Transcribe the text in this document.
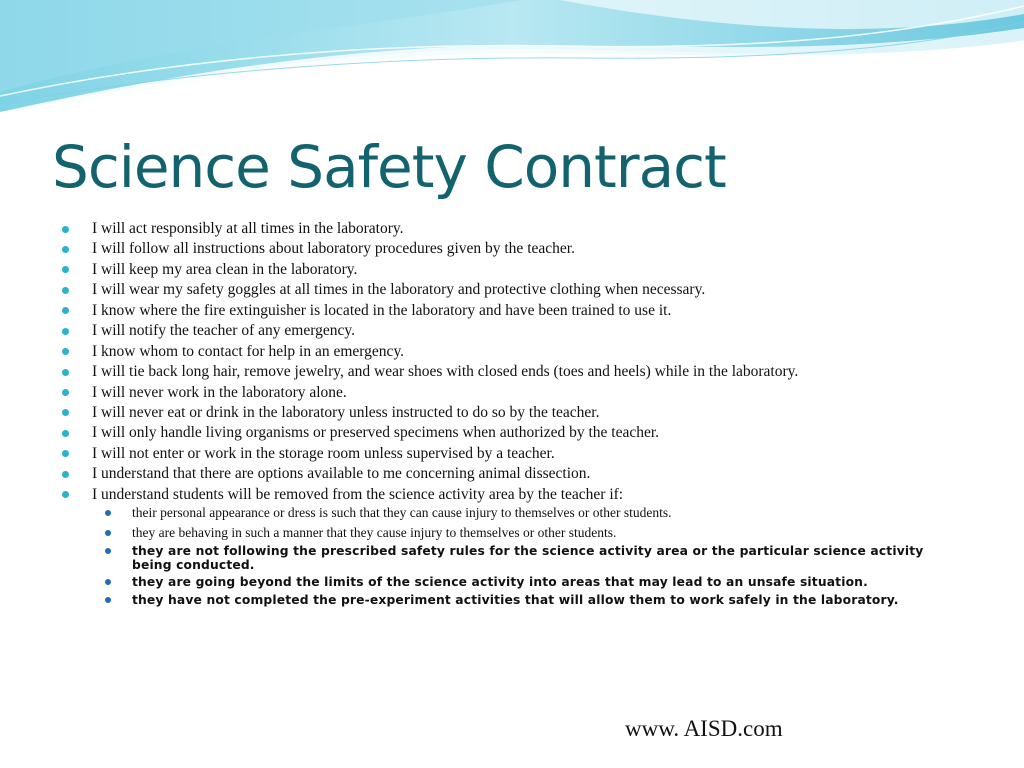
Science Safety Contract
I will act responsibly at all times in the laboratory.
I will follow all instructions about laboratory procedures given by the teacher.
I will keep my area clean in the laboratory.
I will wear my safety goggles at all times in the laboratory and protective clothing when necessary.
I know where the fire extinguisher is located in the laboratory and have been trained to use it.
I will notify the teacher of any emergency.
I know whom to contact for help in an emergency.
I will tie back long hair, remove jewelry, and wear shoes with closed ends (toes and heels) while in the laboratory.
I will never work in the laboratory alone.
I will never eat or drink in the laboratory unless instructed to do so by the teacher.
I will only handle living organisms or preserved specimens when authorized by the teacher.
I will not enter or work in the storage room unless supervised by a teacher.
I understand that there are options available to me concerning animal dissection.
I understand students will be removed from the science activity area by the teacher if:
their personal appearance or dress is such that they can cause injury to themselves or other students.
they are behaving in such a manner that they cause injury to themselves or other students.
they are not following the prescribed safety rules for the science activity area or the particular science activity being conducted.
they are going beyond the limits of the science activity into areas that may lead to an unsafe situation.
they have not completed the pre-experiment activities that will allow them to work safely in the laboratory.
www. AISD.com
